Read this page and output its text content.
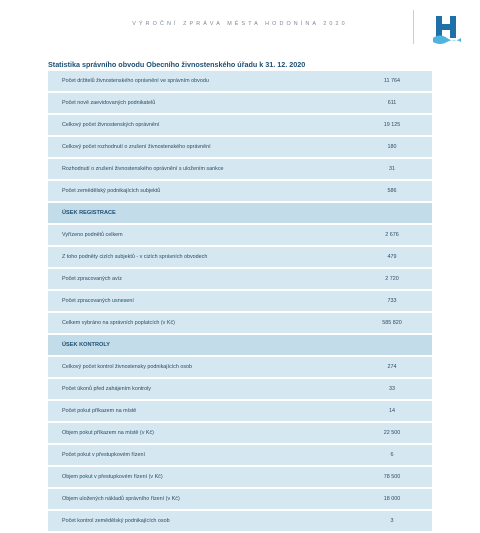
VÝROČNÍ ZPRÁVA MĚSTA HODONÍNA 2020
Statistika správního obvodu Obecního živnostenského úřadu k 31. 12. 2020
Počet držitelů živnostenského oprávnění ve správním obvodu	11 764
Počet nově zaevidovaných podnikatelů	611
Celkový počet živnostenských oprávnění	19 125
Celkový počet rozhodnutí o zrušení živnostenského oprávnění	180
Rozhodnutí o zrušení živnostenského oprávnění s uložením sankce	31
Počet zemědělský podnikajících subjektů	586
ÚSEK REGISTRACE	
Vyřízeno podnětů celkem	2 676
Z toho podněty cizích subjektů - v cizích správních obvodech	479
Počet zpracovaných avíz	2 720
Počet zpracovaných usnesení	733
Celkem vybráno na správních poplatcích (v Kč)	585 820
ÚSEK KONTROLY	
Celkový počet kontrol živnostensky podnikajících osob	274
Počet úkonů před zahájením kontroly	33
Počet pokut příkazem na místě	14
Objem pokut příkazem na místě (v Kč)	22 500
Počet pokut v přestupkovém řízení	6
Objem pokut v přestupkovém řízení (v Kč)	78 500
Objem uložených nákladů správního řízení (v Kč)	18 000
Počet kontrol zemědělský podnikajících osob	3
